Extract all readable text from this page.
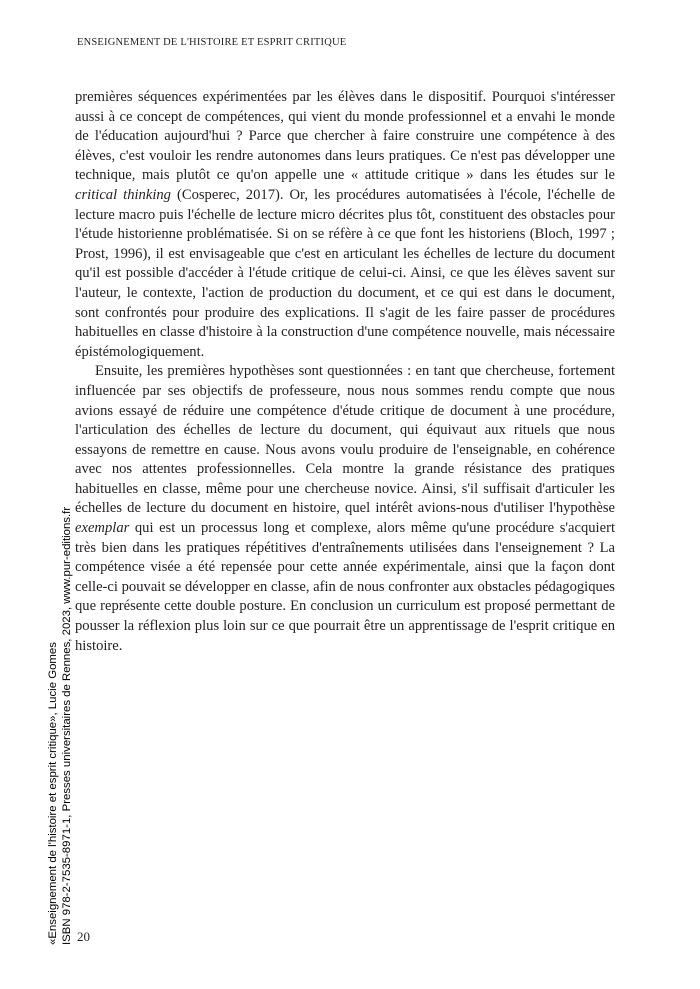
ENSEIGNEMENT DE L'HISTOIRE ET ESPRIT CRITIQUE

premières séquences expérimentées par les élèves dans le dispositif. Pourquoi s'intéresser aussi à ce concept de compétences, qui vient du monde professionnel et a envahi le monde de l'éducation aujourd'hui ? Parce que chercher à faire construire une compétence à des élèves, c'est vouloir les rendre autonomes dans leurs pratiques. Ce n'est pas développer une technique, mais plutôt ce qu'on appelle une « attitude critique » dans les études sur le critical thinking (Cosperec, 2017). Or, les procédures automatisées à l'école, l'échelle de lecture macro puis l'échelle de lecture micro décrites plus tôt, constituent des obstacles pour l'étude historienne problématisée. Si on se réfère à ce que font les historiens (Bloch, 1997 ; Prost, 1996), il est envisageable que c'est en articulant les échelles de lecture du document qu'il est possible d'accéder à l'étude critique de celui-ci. Ainsi, ce que les élèves savent sur l'auteur, le contexte, l'action de production du document, et ce qui est dans le document, sont confrontés pour produire des explications. Il s'agit de les faire passer de procédures habituelles en classe d'histoire à la construction d'une compétence nouvelle, mais nécessaire épistémologiquement.

Ensuite, les premières hypothèses sont questionnées : en tant que chercheuse, fortement influencée par ses objectifs de professeure, nous nous sommes rendu compte que nous avions essayé de réduire une compétence d'étude critique de document à une procédure, l'articulation des échelles de lecture du document, qui équivaut aux rituels que nous essayons de remettre en cause. Nous avons voulu produire de l'enseignable, en cohérence avec nos attentes professionnelles. Cela montre la grande résistance des pratiques habituelles en classe, même pour une chercheuse novice. Ainsi, s'il suffisait d'articuler les échelles de lecture du document en histoire, quel intérêt avions-nous d'utiliser l'hypothèse exemplar qui est un processus long et complexe, alors même qu'une procédure s'acquiert très bien dans les pratiques répétitives d'entraînements utilisées dans l'enseignement ? La compétence visée a été repensée pour cette année expérimentale, ainsi que la façon dont celle-ci pouvait se développer en classe, afin de nous confronter aux obstacles pédagogiques que représente cette double posture. En conclusion un curriculum est proposé permettant de pousser la réflexion plus loin sur ce que pourrait être un apprentissage de l'esprit critique en histoire.

20
«Enseignement de l'histoire et esprit critique», Lucie Gomes ISBN 978-2-7535-8971-1, Presses universitaires de Rennes, 2023, www.pur-editions.fr
